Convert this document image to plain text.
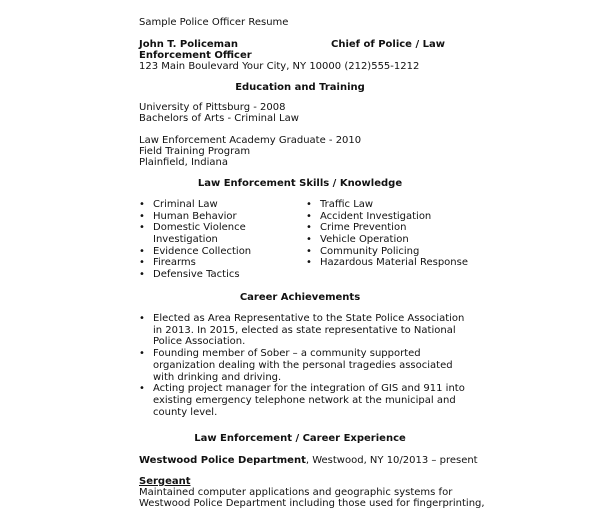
Sample Police Officer Resume
John T. Policeman	Chief of Police / Law
Enforcement Officer
123 Main Boulevard Your City, NY 10000 (212)555-1212
Education and Training
University of Pittsburg - 2008
Bachelors of Arts - Criminal Law
Law Enforcement Academy Graduate - 2010
Field Training Program
Plainfield, Indiana
Law Enforcement Skills / Knowledge
• Criminal Law
• Human Behavior
• Domestic Violence
Investigation
• Evidence Collection
• Firearms
• Defensive Tactics
• Traffic Law
• Accident Investigation
• Crime Prevention
• Vehicle Operation
• Community Policing
• Hazardous Material Response
Career Achievements
• Elected as Area Representative to the State Police Association in 2013. In 2015, elected as state representative to National Police Association.
• Founding member of Sober – a community supported organization dealing with the personal tragedies associated with drinking and driving.
• Acting project manager for the integration of GIS and 911 into existing emergency telephone network at the municipal and county level.
Law Enforcement / Career Experience
Westwood Police Department, Westwood, NY 10/2013 – present
Sergeant
Maintained computer applications and geographic systems for
Westwood Police Department including those used for fingerprinting,
